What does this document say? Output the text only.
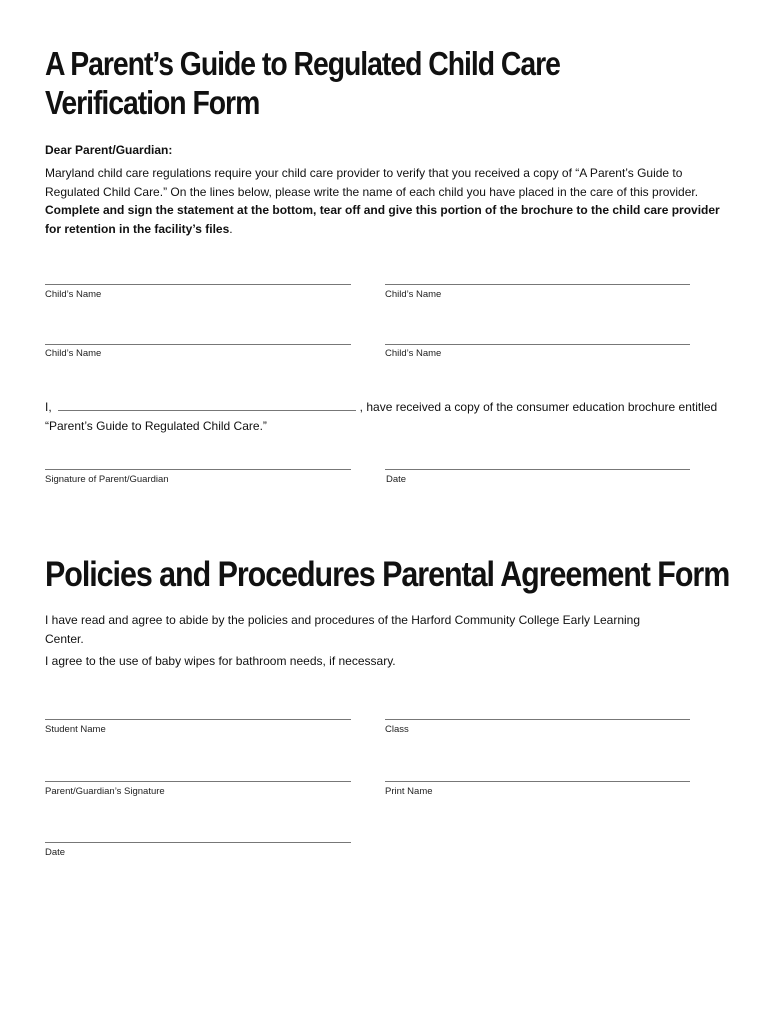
A Parent’s Guide to Regulated Child Care
Verification Form
Dear Parent/Guardian:
Maryland child care regulations require your child care provider to verify that you received a copy of “A Parent’s Guide to Regulated Child Care.” On the lines below, please write the name of each child you have placed in the care of this provider. Complete and sign the statement at the bottom, tear off and give this portion of the brochure to the child care provider for retention in the facility’s files.
Child’s Name	Child’s Name
Child’s Name	Child’s Name
I,	, have received a copy of the consumer education brochure entitled “Parent’s Guide to Regulated Child Care.”
Signature of Parent/Guardian	Date
Policies and Procedures Parental Agreement Form
I have read and agree to abide by the policies and procedures of the Harford Community College Early Learning Center.
I agree to the use of baby wipes for bathroom needs, if necessary.
Student Name	Class
Parent/Guardian’s Signature	Print Name
Date
